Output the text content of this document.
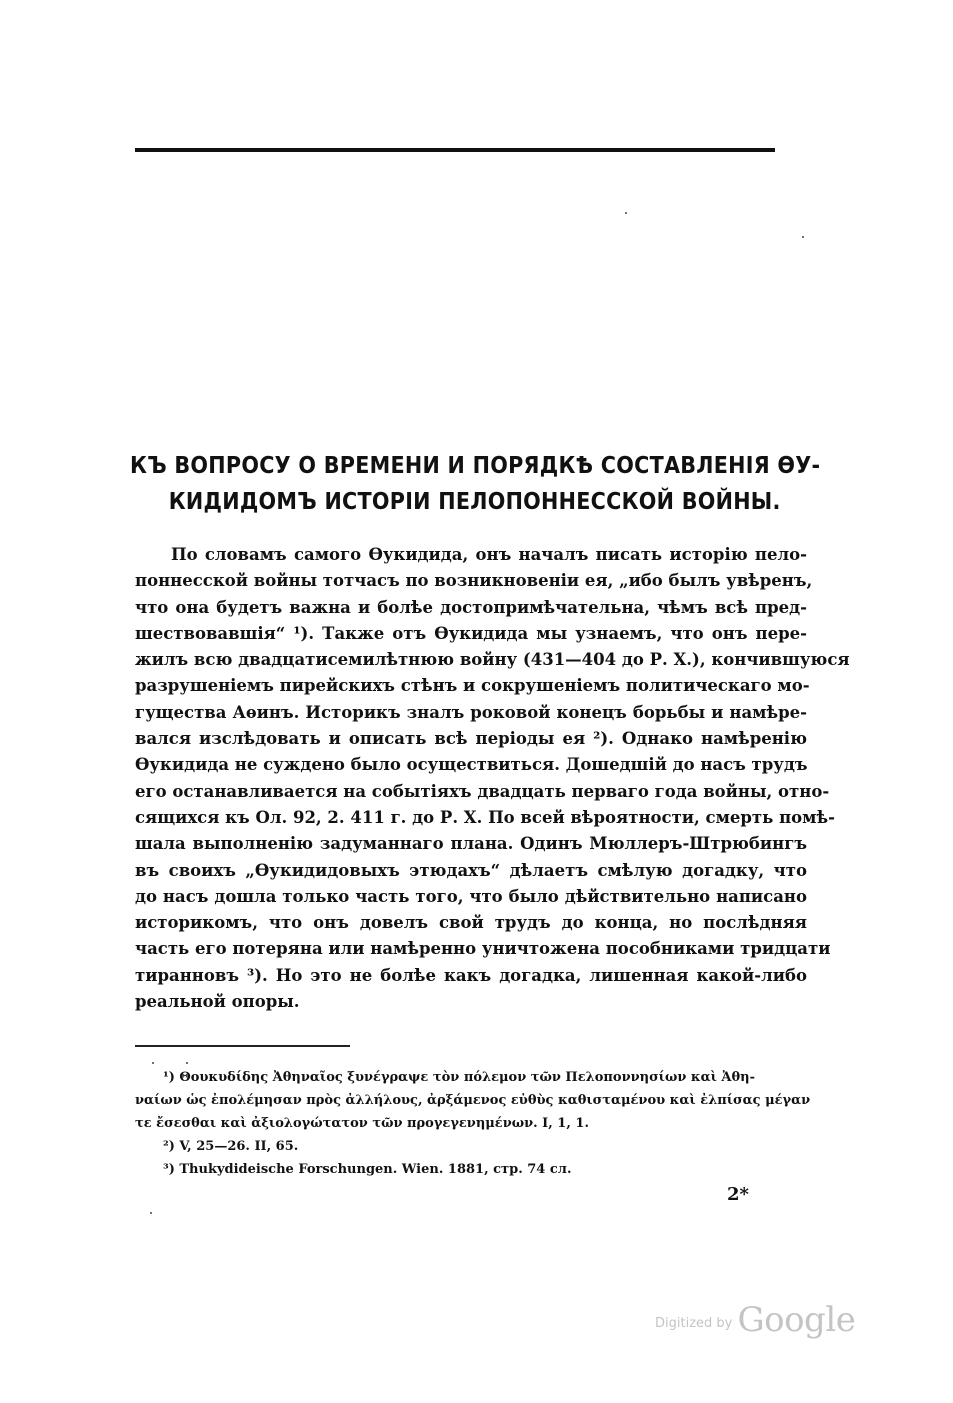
КЪ ВОПРОСУ О ВРЕМЕНИ И ПОРЯДКѢ СОСТАВЛЕНІЯ ѲУ-
КИДИДОМЪ ИСТОРІИ ПЕЛОПОННЕССКОЙ ВОЙНЫ.
По словамъ самого Ѳукидида, онъ началъ писать исторію пело-
поннесской войны тотчасъ по возникновеніи ея, „ибо былъ увѣренъ,
что она будетъ важна и болѣе достопримѣчательна, чѣмъ всѣ пред-
шествовавшія“ ¹). Также отъ Ѳукидида мы узнаемъ, что онъ пере-
жилъ всю двадцатисемилѣтнюю войну (431—404 до Р. Х.), кончившуюся
разрушеніемъ пирейскихъ стѣнъ и сокрушеніемъ политическаго мо-
гущества Аѳинъ. Историкъ зналъ роковой конецъ борьбы и намѣре-
вался изслѣдовать и описать всѣ періоды ея ²). Однако намѣренію
Ѳукидида не суждено было осуществиться. Дошедшій до насъ трудъ
его останавливается на событіяхъ двадцать перваго года войны, отно-
сящихся къ Ол. 92, 2. 411 г. до Р. Х. По всей вѣроятности, смерть помѣ-
шала выполненію задуманнаго плана. Одинъ Мюллеръ-Штрюбингъ
въ своихъ „Ѳукидидовыхъ этюдахъ“ дѣлаетъ смѣлую догадку, что
до насъ дошла только часть того, что было дѣйствительно написано
историкомъ, что онъ довелъ свой трудъ до конца, но послѣдняя
часть его потеряна или намѣренно уничтожена пособниками тридцати
тиранновъ ³). Но это не болѣе какъ догадка, лишенная какой-либо
реальной опоры.
¹) Θουκυδίδης Ἀθηναῖος ξυνέγραψε τὸν πόλεμον τῶν Πελοποννησίων καὶ Ἀθη-
ναίων ὡς ἐπολέμησαν πρὸς ἀλλήλους, ἀρξάμενος εὐθὺς καθισταμένου καὶ ἐλπίσας μέγαν
τε ἔσεσθαι καὶ ἀξιολογώτατον τῶν προγεγενημένων. I, 1, 1.
²) V, 25—26. II, 65.
³) Thukydideische Forschungen. Wien. 1881, стр. 74 сл.
2*
$^{Digitized by}$ Google
